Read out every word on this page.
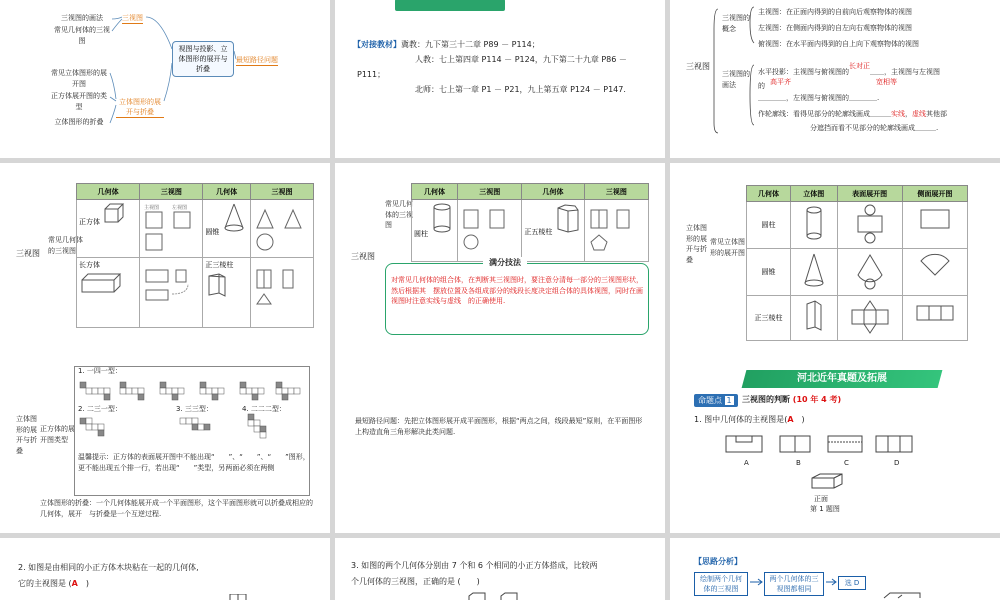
三视图的画法
常见几何体的三视图
三视图
视图与投影、立体图形的展开与折叠
最短路径问题
常见立体图形的展开图
正方体展开图的类型
立体图形的展开与折叠
立体图形的折叠
【对接教材】冀教：九下第三十二章 P89 － P114；
人教：七上第四章 P114 － P124，九下第二十九章 P86 －
P111；
北师：七上第一章 P1 － P21，九上第五章 P124 － P147.
三视图
三视图的概念
主视图：在正面内得到的自前向后观察物体的视图
左视图：在侧面内得到的自左向右观察物体的视图
俯视图：在水平面内得到的自上向下观察物体的视图
三视图的画法
水平投影：主视图与俯视图的长对正＿＿，主视图与左视图
的 高平齐	宽相等
＿＿＿＿，左视图与俯视图的＿＿＿＿.
作轮廓线：看得见部分的轮廓线画成＿＿＿实线，虚线其他部
分遮挡而看不见部分的轮廓线画成＿＿＿.
三视图
常见几何体的三视图
几何体	三视图	几何体	三视图
正方体	主视图 左视图	圆锥	
长方体		正三棱柱	
三视图
常见几何体的三视图
几何体	三视图	几何体	三视图
圆柱		正五棱柱	
满分技法
对常见几何体的组合体，在判断其三视图时，要注意分清每一部分的三视图形状，然后根据其　摆放位置及各组成部分的线段长度决定组合体的具体视图，同时在画视图时注意实线与虚线　的正确使用.
立体图形的展开与折叠
常见立体图形的展开图
几何体	立体图	表面展开图	侧面展开图
圆柱			
圆锥			
正三棱柱			
立体图形的展开与折叠
正方体的展开图类型
1. 一四一型：
2. 二三一型：	3. 三三型：	4. 二二二型：
温馨提示：正方体的表面展开图中不能出现“　　”、“　　”、“　　”图形，　更不能出现五个排一行，若出现“　　”类型，另两面必须在两侧
立体图形的折叠：一个几何体能展开成一个平面图形，这个平面图形就可以折叠成相应的几何体，展开　与折叠是一个互逆过程.
最短路径问题：先把立体图形展开成平面图形，根据“两点之间，线段最短”原则，在平面图形上构造直角三角形解决此类问题.
河北近年真题及拓展
命题点 1	三视图的判断 (10 年 4 考)
1. 图中几何体的主视图是(A　 )
A	B	C	D
正面
第 1 题图
2. 如图是由相同的小正方体木块粘在一起的几何体,
它的主视图是 (A　)
3. 如图的两个几何体分别由 7 个和 6 个相同的小正方体搭成，比较两
个几何体的三视图，正确的是 (　　)
【思路分析】
绘制两个几何体的三视图
两个几何体的三视图都相同
选 D
